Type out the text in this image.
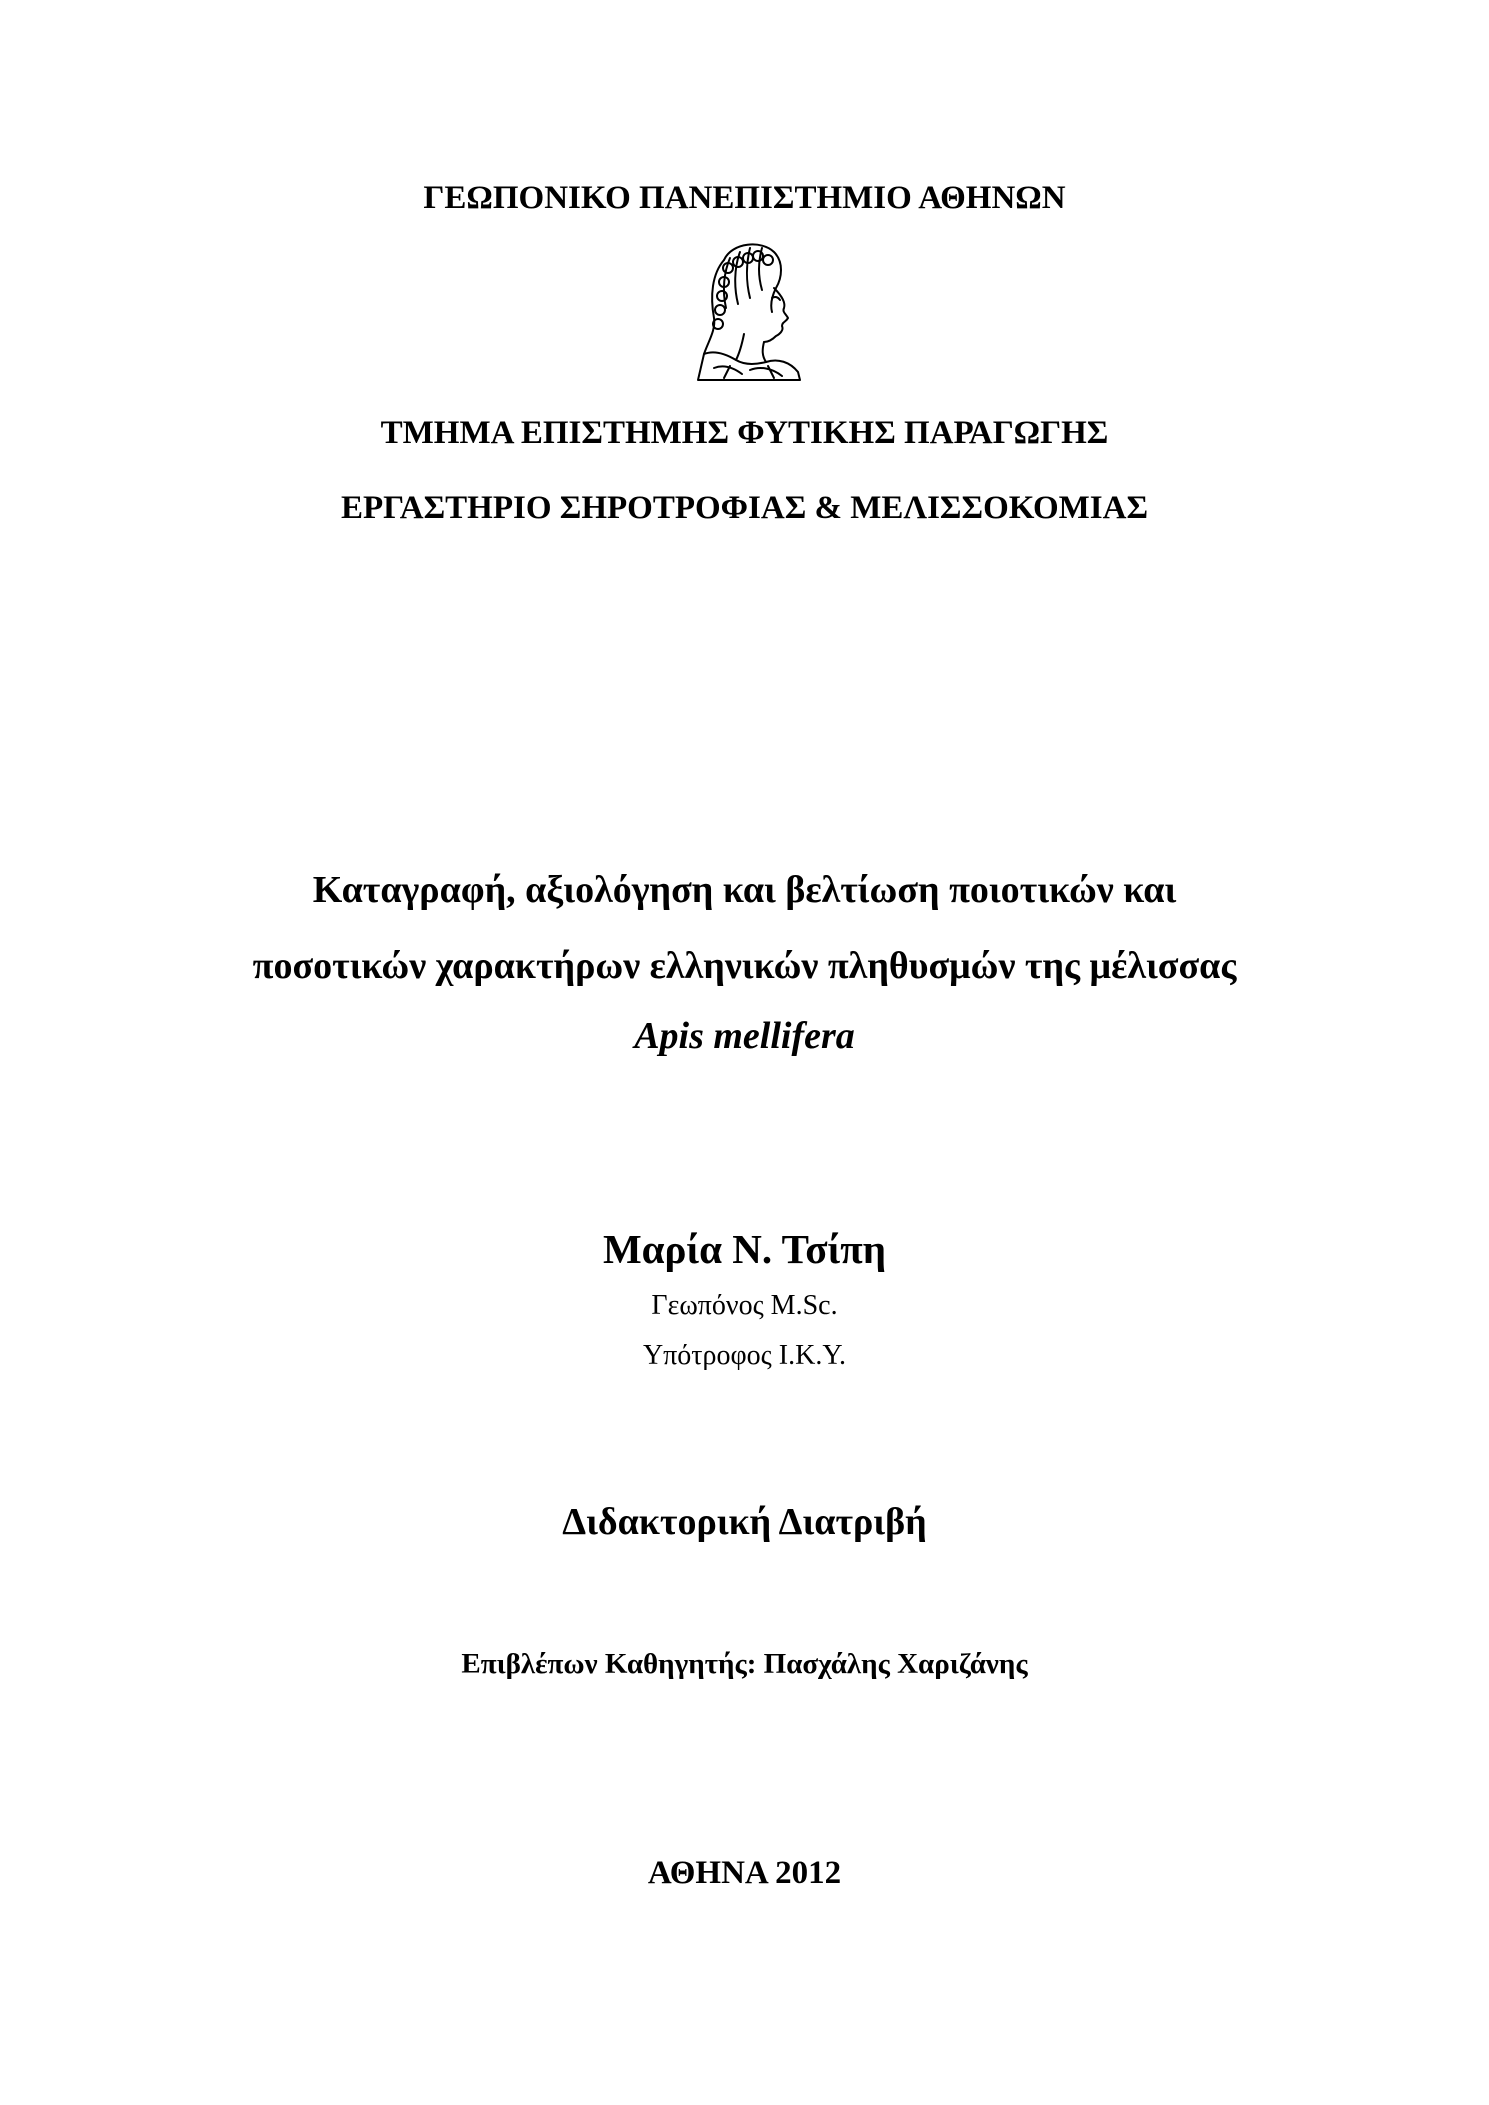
ΓΕΩΠΟΝΙΚΟ ΠΑΝΕΠΙΣΤΗΜΙΟ ΑΘΗΝΩΝ

ΤΜΗΜΑ ΕΠΙΣΤΗΜΗΣ ΦΥΤΙΚΗΣ ΠΑΡΑΓΩΓΗΣ

ΕΡΓΑΣΤΗΡΙΟ ΣΗΡΟΤΡΟΦΙΑΣ & ΜΕΛΙΣΣΟΚΟΜΙΑΣ

Καταγραφή, αξιολόγηση και βελτίωση ποιοτικών και

ποσοτικών χαρακτήρων ελληνικών πληθυσμών της μέλισσας

Apis mellifera

Μαρία Ν. Τσίπη

Γεωπόνος M.Sc.

Υπότροφος Ι.Κ.Υ.

Διδακτορική Διατριβή

Επιβλέπων Καθηγητής: Πασχάλης Χαριζάνης

ΑΘΗΝΑ 2012
